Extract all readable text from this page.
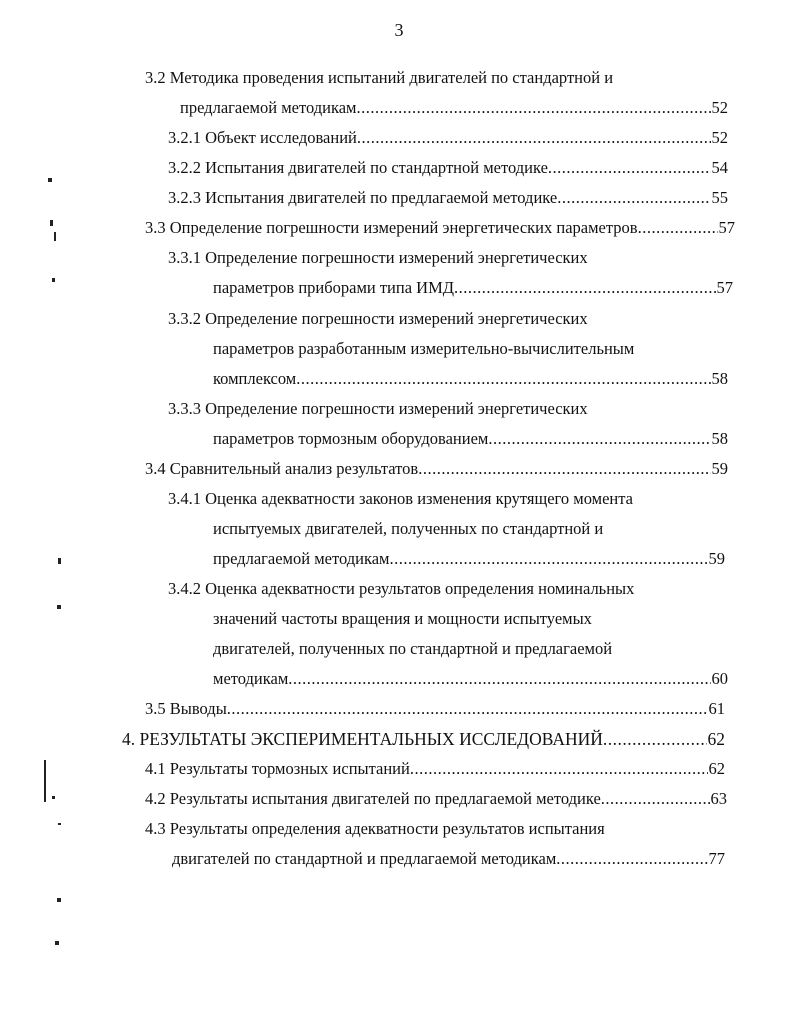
3
3.2 Методика проведения испытаний двигателей по стандартной и
предлагаемой методикам .....	52
3.2.1 Объект исследований .....	52
3.2.2 Испытания двигателей по стандартной методике .....	54
3.2.3 Испытания двигателей по предлагаемой методике .....	55
3.3 Определение погрешности измерений энергетических параметров .....	57
3.3.1 Определение погрешности измерений энергетических
параметров приборами типа ИМД .....	57
3.3.2 Определение погрешности измерений энергетических
параметров разработанным измерительно-вычислительным
комплексом .....	58
3.3.3 Определение погрешности измерений энергетических
параметров тормозным оборудованием .....	58
3.4 Сравнительный анализ результатов .....	59
3.4.1 Оценка адекватности законов изменения крутящего момента
испытуемых двигателей, полученных по стандартной и
предлагаемой методикам .....	59
3.4.2 Оценка адекватности результатов определения номинальных
значений частоты вращения и мощности испытуемых
двигателей, полученных по стандартной и предлагаемой
методикам .....	60
3.5 Выводы .....	61
4. РЕЗУЛЬТАТЫ ЭКСПЕРИМЕНТАЛЬНЫХ ИССЛЕДОВАНИЙ .....	62
4.1 Результаты тормозных испытаний .....	62
4.2 Результаты испытания двигателей по предлагаемой методике .....	63
4.3 Результаты определения адекватности результатов испытания
двигателей по стандартной и предлагаемой методикам .....	77
